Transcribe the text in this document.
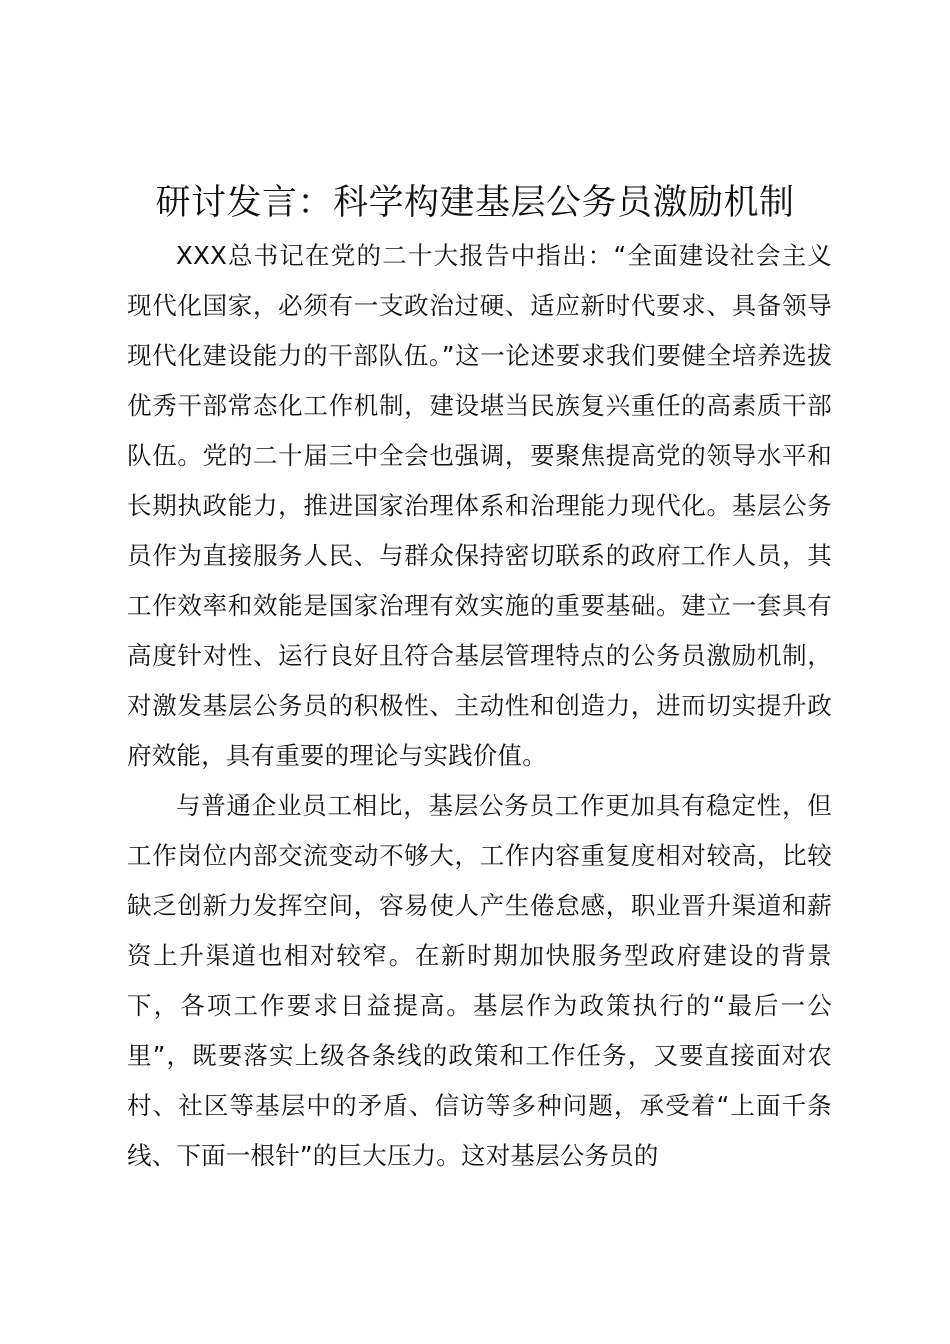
研讨发言：科学构建基层公务员激励机制

XXX总书记在党的二十大报告中指出：“全面建设社会主义现代化国家，必须有一支政治过硬、适应新时代要求、具备领导现代化建设能力的干部队伍。”这一论述要求我们要健全培养选拔优秀干部常态化工作机制，建设堪当民族复兴重任的高素质干部队伍。党的二十届三中全会也强调，要聚焦提高党的领导水平和长期执政能力，推进国家治理体系和治理能力现代化。基层公务员作为直接服务人民、与群众保持密切联系的政府工作人员，其工作效率和效能是国家治理有效实施的重要基础。建立一套具有高度针对性、运行良好且符合基层管理特点的公务员激励机制，对激发基层公务员的积极性、主动性和创造力，进而切实提升政府效能，具有重要的理论与实践价值。

与普通企业员工相比，基层公务员工作更加具有稳定性，但工作岗位内部交流变动不够大，工作内容重复度相对较高，比较缺乏创新力发挥空间，容易使人产生倦怠感，职业晋升渠道和薪资上升渠道也相对较窄。在新时期加快服务型政府建设的背景下，各项工作要求日益提高。基层作为政策执行的“最后一公里”，既要落实上级各条线的政策和工作任务，又要直接面对农村、社区等基层中的矛盾、信访等多种问题，承受着“上面千条线、下面一根针”的巨大压力。这对基层公务员的
